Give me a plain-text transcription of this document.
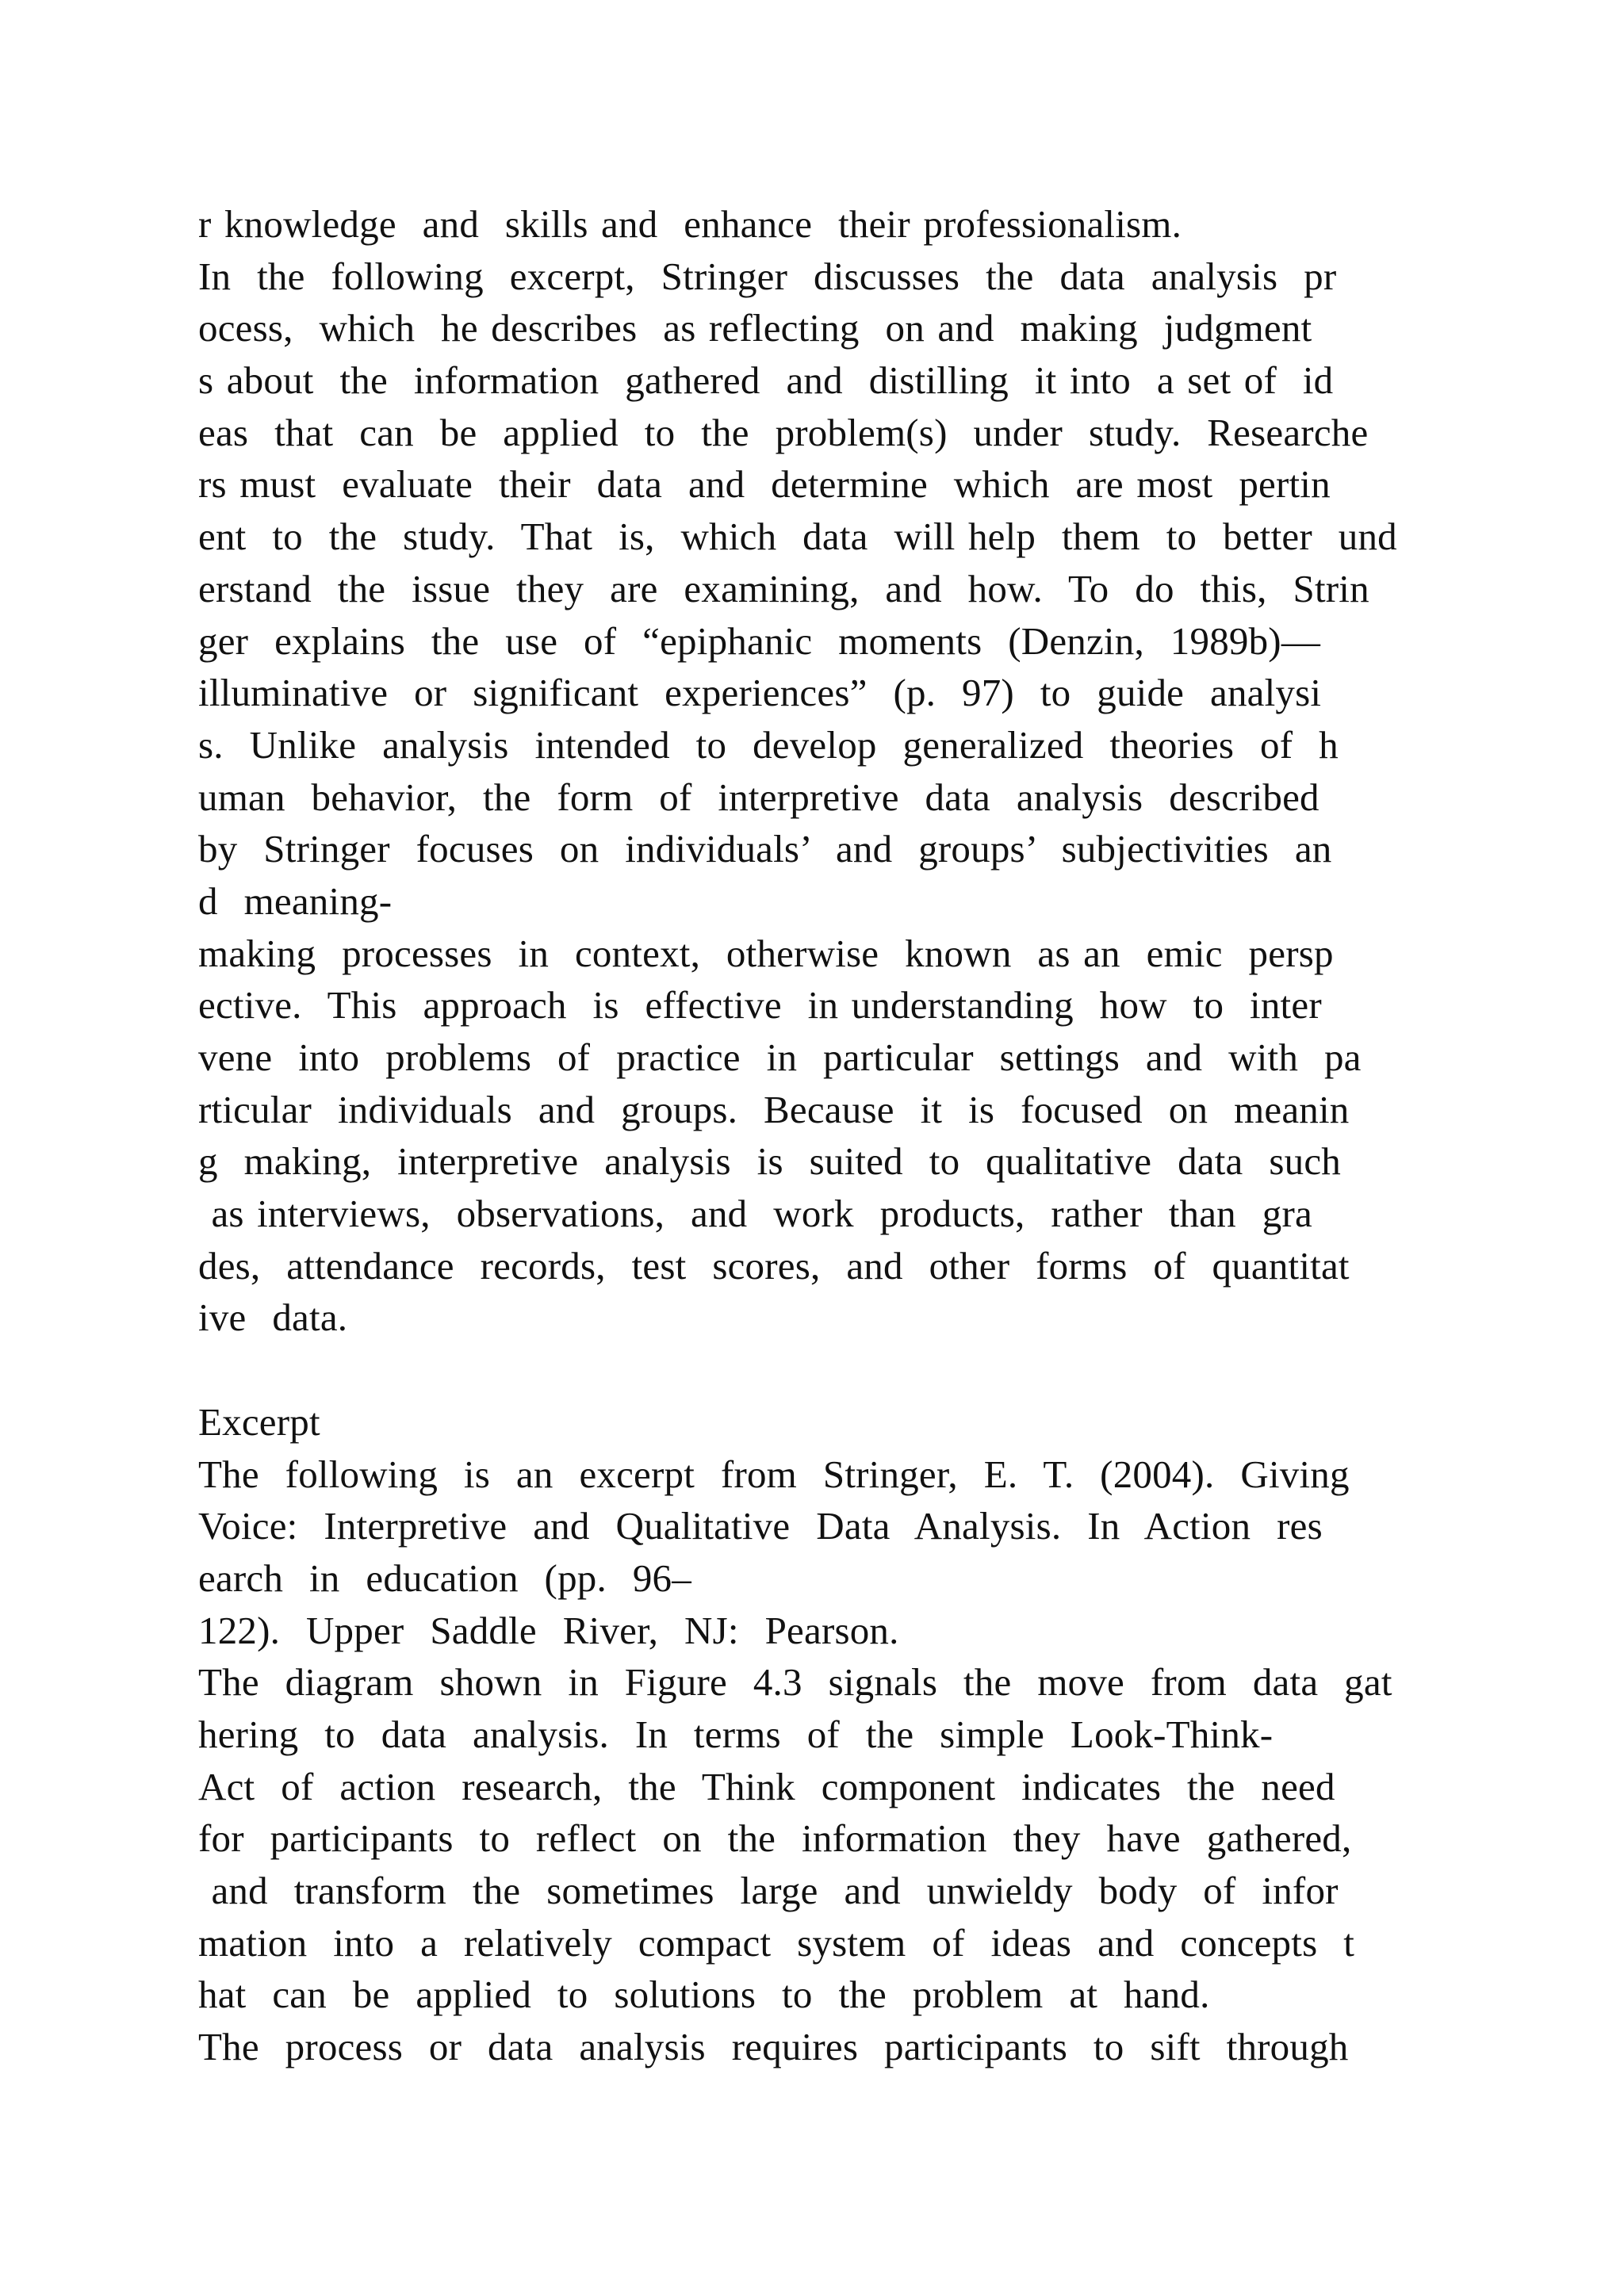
r knowledge  and  skills and  enhance  their professionalism.
In  the  following  excerpt,  Stringer  discusses  the  data  analysis  pr
ocess,  which  he describes  as reflecting  on and  making  judgment
s about  the  information  gathered  and  distilling  it into  a set of  id
eas  that  can  be  applied  to  the  problem(s)  under  study.  Researche
rs must  evaluate  their  data  and  determine  which  are most  pertin
ent  to  the  study.  That  is,  which  data  will help  them  to  better  und
erstand  the  issue  they  are  examining,  and  how.  To  do  this,  Strin
ger  explains  the  use  of  “epiphanic  moments  (Denzin,  1989b)—
illuminative  or  significant  experiences”  (p.  97)  to  guide  analysi
s.  Unlike  analysis  intended  to  develop  generalized  theories  of  h
uman  behavior,  the  form  of  interpretive  data  analysis  described
by  Stringer  focuses  on  individuals’  and  groups’  subjectivities  an
d  meaning-
making  processes  in  context,  otherwise  known  as an  emic  persp
ective.  This  approach  is  effective  in understanding  how  to  inter
vene  into  problems  of  practice  in  particular  settings  and  with  pa
rticular  individuals  and  groups.  Because  it  is  focused  on  meanin
g  making,  interpretive  analysis  is  suited  to  qualitative  data  such
as interviews,  observations,  and  work  products,  rather  than  gra
des,  attendance  records,  test  scores,  and  other  forms  of  quantitat
ive  data.
Excerpt
The  following  is  an  excerpt  from  Stringer,  E.  T.  (2004).  Giving
Voice:  Interpretive  and  Qualitative  Data  Analysis.  In  Action  res
earch  in  education  (pp.  96–
122).  Upper  Saddle  River,  NJ:  Pearson.
The  diagram  shown  in  Figure  4.3  signals  the  move  from  data  gat
hering  to  data  analysis.  In  terms  of  the  simple  Look-Think-
Act  of  action  research,  the  Think  component  indicates  the  need
for  participants  to  reflect  on  the  information  they  have  gathered,
and  transform  the  sometimes  large  and  unwieldy  body  of  infor
mation  into  a  relatively  compact  system  of  ideas  and  concepts  t
hat  can  be  applied  to  solutions  to  the  problem  at  hand.
The  process  or  data  analysis  requires  participants  to  sift  through
